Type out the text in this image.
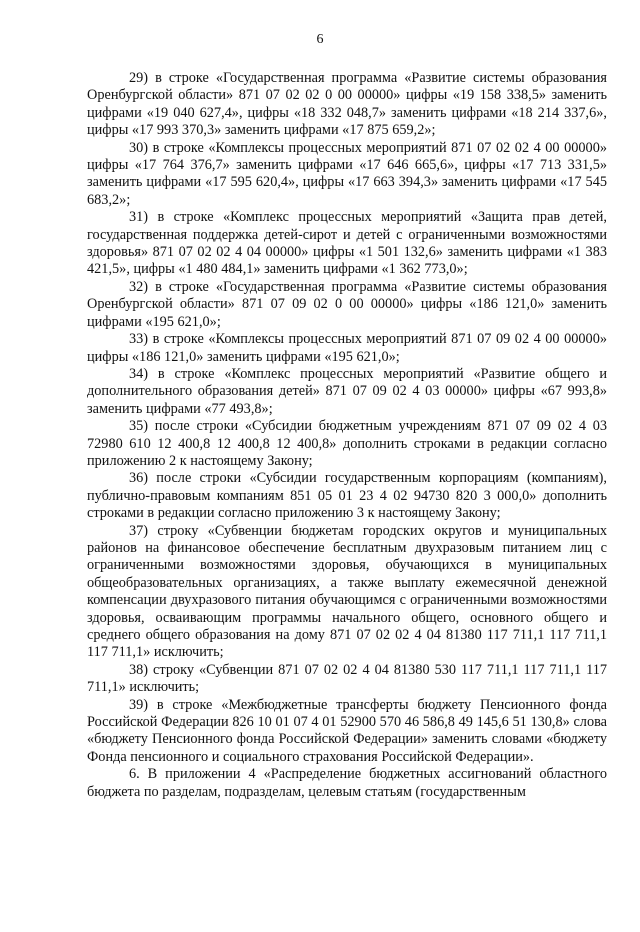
6

29) в строке «Государственная программа «Развитие системы образования Оренбургской области» 871 07 02 02 0 00 00000» цифры «19 158 338,5» заменить цифрами «19 040 627,4», цифры «18 332 048,7» заменить цифрами «18 214 337,6», цифры «17 993 370,3» заменить цифрами «17 875 659,2»;

30) в строке «Комплексы процессных мероприятий 871 07 02 02 4 00 00000» цифры «17 764 376,7» заменить цифрами «17 646 665,6», цифры «17 713 331,5» заменить цифрами «17 595 620,4», цифры «17 663 394,3» заменить цифрами «17 545 683,2»;

31) в строке «Комплекс процессных мероприятий «Защита прав детей, государственная поддержка детей-сирот и детей с ограниченными возможностями здоровья» 871 07 02 02 4 04 00000» цифры «1 501 132,6» заменить цифрами «1 383 421,5», цифры «1 480 484,1» заменить цифрами «1 362 773,0»;

32) в строке «Государственная программа «Развитие системы образования Оренбургской области» 871 07 09 02 0 00 00000» цифры «186 121,0» заменить цифрами «195 621,0»;

33) в строке «Комплексы процессных мероприятий 871 07 09 02 4 00 00000» цифры «186 121,0» заменить цифрами «195 621,0»;

34) в строке «Комплекс процессных мероприятий «Развитие общего и дополнительного образования детей» 871 07 09 02 4 03 00000» цифры «67 993,8» заменить цифрами «77 493,8»;

35) после строки «Субсидии бюджетным учреждениям 871 07 09 02 4 03 72980 610 12 400,8 12 400,8 12 400,8» дополнить строками в редакции согласно приложению 2 к настоящему Закону;

36) после строки «Субсидии государственным корпорациям (компаниям), публично-правовым компаниям 851 05 01 23 4 02 94730 820 3 000,0» дополнить строками в редакции согласно приложению 3 к настоящему Закону;

37) строку «Субвенции бюджетам городских округов и муниципальных районов на финансовое обеспечение бесплатным двухразовым питанием лиц с ограниченными возможностями здоровья, обучающихся в муниципальных общеобразовательных организациях, а также выплату ежемесячной денежной компенсации двухразового питания обучающимся с ограниченными возможностями здоровья, осваивающим программы начального общего, основного общего и среднего общего образования на дому 871 07 02 02 4 04 81380 117 711,1 117 711,1 117 711,1» исключить;

38) строку «Субвенции 871 07 02 02 4 04 81380 530 117 711,1 117 711,1 117 711,1» исключить;

39) в строке «Межбюджетные трансферты бюджету Пенсионного фонда Российской Федерации 826 10 01 07 4 01 52900 570 46 586,8 49 145,6 51 130,8» слова «бюджету Пенсионного фонда Российской Федерации» заменить словами «бюджету Фонда пенсионного и социального страхования Российской Федерации».

6. В приложении 4 «Распределение бюджетных ассигнований областного бюджета по разделам, подразделам, целевым статьям (государственным
